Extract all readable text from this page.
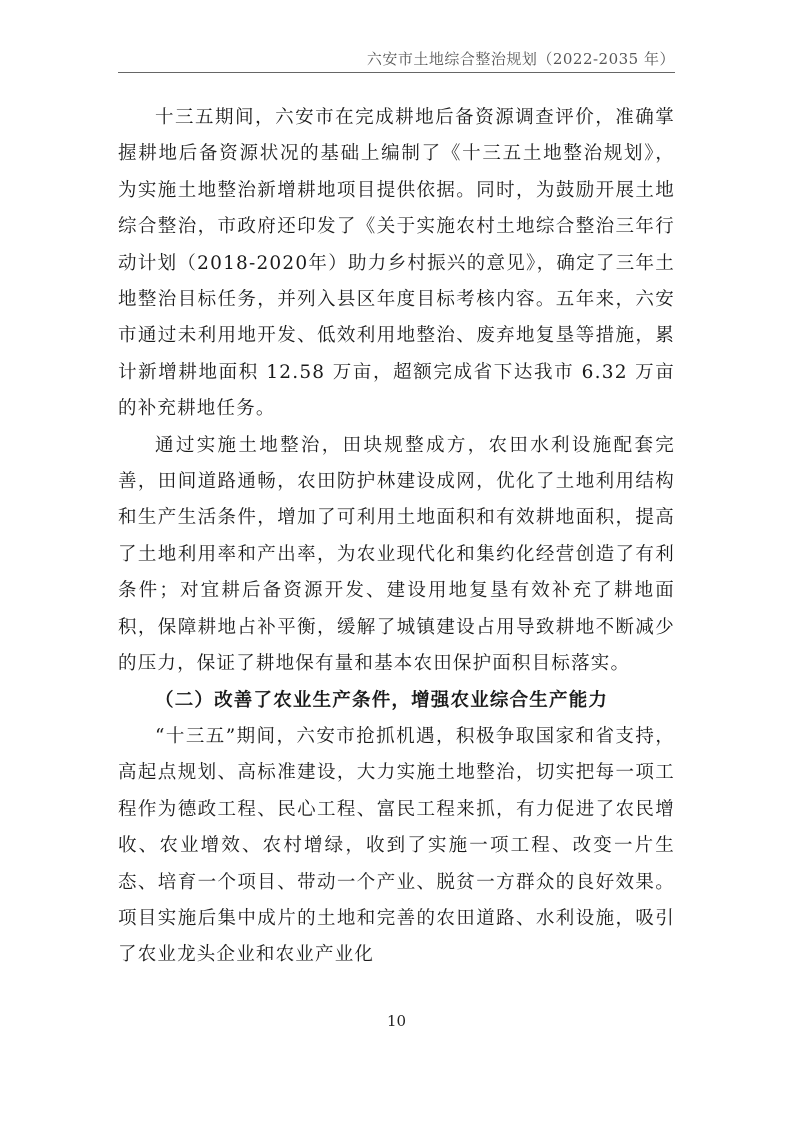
六安市土地综合整治规划（2022-2035 年）

十三五期间，六安市在完成耕地后备资源调查评价，准确掌握耕地后备资源状况的基础上编制了《十三五土地整治规划》，为实施土地整治新增耕地项目提供依据。同时，为鼓励开展土地综合整治，市政府还印发了《关于实施农村土地综合整治三年行动计划（2018-2020年）助力乡村振兴的意见》，确定了三年土地整治目标任务，并列入县区年度目标考核内容。五年来，六安市通过未利用地开发、低效利用地整治、废弃地复垦等措施，累计新增耕地面积 12.58 万亩，超额完成省下达我市 6.32 万亩的补充耕地任务。

通过实施土地整治，田块规整成方，农田水利设施配套完善，田间道路通畅，农田防护林建设成网，优化了土地利用结构和生产生活条件，增加了可利用土地面积和有效耕地面积，提高了土地利用率和产出率，为农业现代化和集约化经营创造了有利条件；对宜耕后备资源开发、建设用地复垦有效补充了耕地面积，保障耕地占补平衡，缓解了城镇建设占用导致耕地不断减少的压力，保证了耕地保有量和基本农田保护面积目标落实。

（二）改善了农业生产条件，增强农业综合生产能力

“十三五”期间，六安市抢抓机遇，积极争取国家和省支持，高起点规划、高标准建设，大力实施土地整治，切实把每一项工程作为德政工程、民心工程、富民工程来抓，有力促进了农民增收、农业增效、农村增绿，收到了实施一项工程、改变一片生态、培育一个项目、带动一个产业、脱贫一方群众的良好效果。项目实施后集中成片的土地和完善的农田道路、水利设施，吸引了农业龙头企业和农业产业化

10
